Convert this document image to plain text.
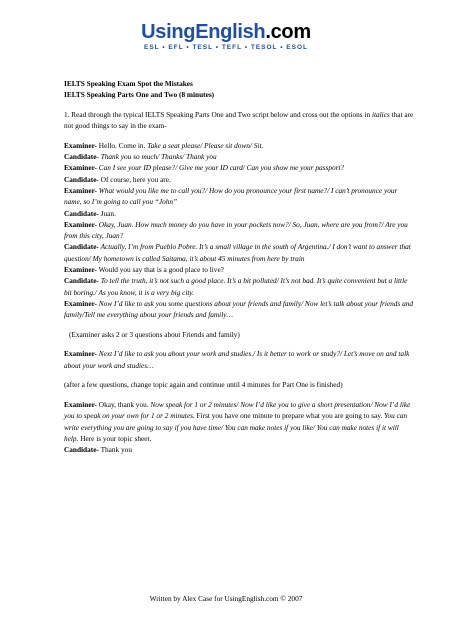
UsingEnglish.com
ESL • EFL • TESL • TEFL • TESOL • ESOL

IELTS Speaking Exam Spot the Mistakes

IELTS Speaking Parts One and Two (8 minutes)

1. Read through the typical IELTS Speaking Parts One and Two script below and cross out the options in italics that are not good things to say in the exam-

Examiner- Hello. Come in. Take a seat please/ Please sit down/ Sit.

Candidate- Thank you so much/ Thanks/ Thank you

Examiner- Can I see your ID please?/ Give me your ID card/ Can you show me your passport?

Candidate- Of course, here you are.

Examiner- What would you like me to call you?/ How do you pronounce your first name?/ I can’t pronounce your name, so I’m going to call you “John”

Candidate- Juan.

Examiner- Okay, Juan. How much money do you have in your pockets now?/ So, Juan, where are you from?/ Are you from this city, Juan?

Candidate- Actually, I’m from Pueblo Pobre. It’s a small village in the south of Argentina./ I don’t want to answer that question/ My hometown is called Saitama, it’s about 45 minutes from here by train

Examiner- Would you say that is a good place to live?

Candidate- To tell the truth, it’s not such a good place. It’s a bit polluted/ It’s not bad. It’s quite convenient but a little bit boring./ As you know, it is a very big city.

Examiner- Now I’d like to ask you some questions about your friends and family/ Now let’s talk about your friends and family/Tell me everything about your friends and family…

(Examiner asks 2 or 3 questions about Friends and family)

Examiner- Next I’d like to ask you about your work and studies./ Is it better to work or study?/ Let’s move on and talk about your work and studies…

(after a few questions, change topic again and continue until 4 minutes for Part One is finished)

Examiner- Okay, thank you. Now speak for 1 or 2 minutes/ Now I’d like you to give a short presentation/ Now I’d like you to speak on your own for 1 or 2 minutes. First you have one minute to prepare what you are going to say. You can write everything you are going to say if you have time/ You can make notes if you like/ You can make notes if it will help. Here is your topic sheet.

Candidate- Thank you

Written by Alex Case for UsingEnglish.com © 2007
